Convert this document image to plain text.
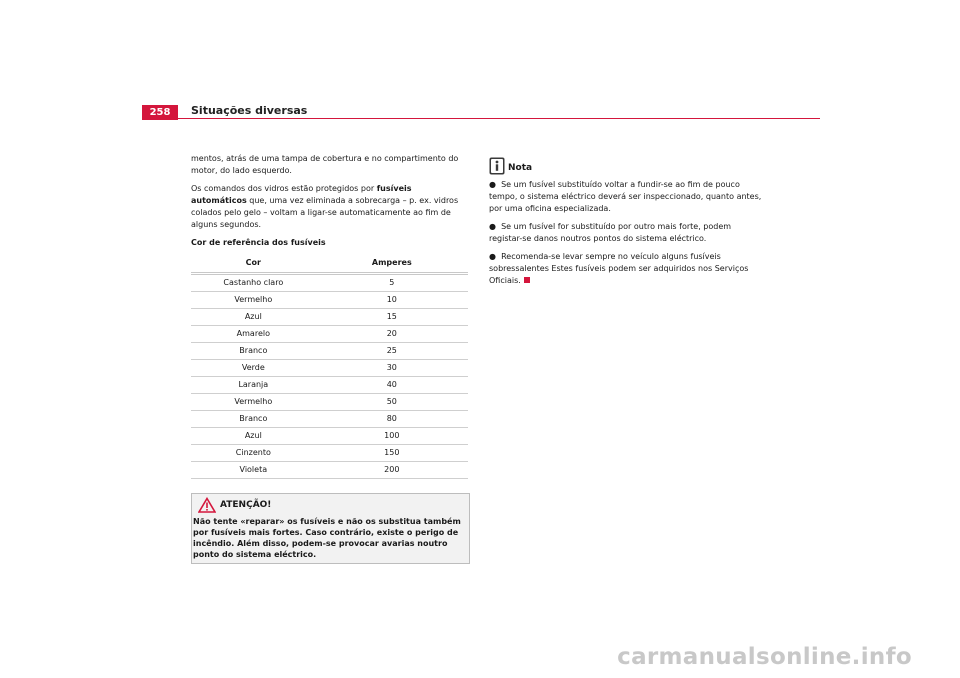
258	Situações diversas

mentos, atrás de uma tampa de cobertura e no compartimento do motor, do lado esquerdo.

Os comandos dos vidros estão protegidos por fusíveis automáticos que, uma vez eliminada a sobrecarga – p. ex. vidros colados pelo gelo – voltam a ligar-se automaticamente ao fim de alguns segundos.

Cor de referência dos fusíveis

Cor	Amperes
Castanho claro	5
Vermelho	10
Azul	15
Amarelo	20
Branco	25
Verde	30
Laranja	40
Vermelho	50
Branco	80
Azul	100
Cinzento	150
Violeta	200
ATENÇÃO!
Não tente «reparar» os fusíveis e não os substitua também por fusíveis mais fortes. Caso contrário, existe o perigo de incêndio. Além disso, podem-se provocar avarias noutro ponto do sistema eléctrico.
Nota

● Se um fusível substituído voltar a fundir-se ao fim de pouco tempo, o sistema eléctrico deverá ser inspeccionado, quanto antes, por uma oficina especializada.

● Se um fusível for substituído por outro mais forte, podem registar-se danos noutros pontos do sistema eléctrico.

● Recomenda-se levar sempre no veículo alguns fusíveis sobressalentes Estes fusíveis podem ser adquiridos nos Serviços Oficiais.

carmanualsonline.info
